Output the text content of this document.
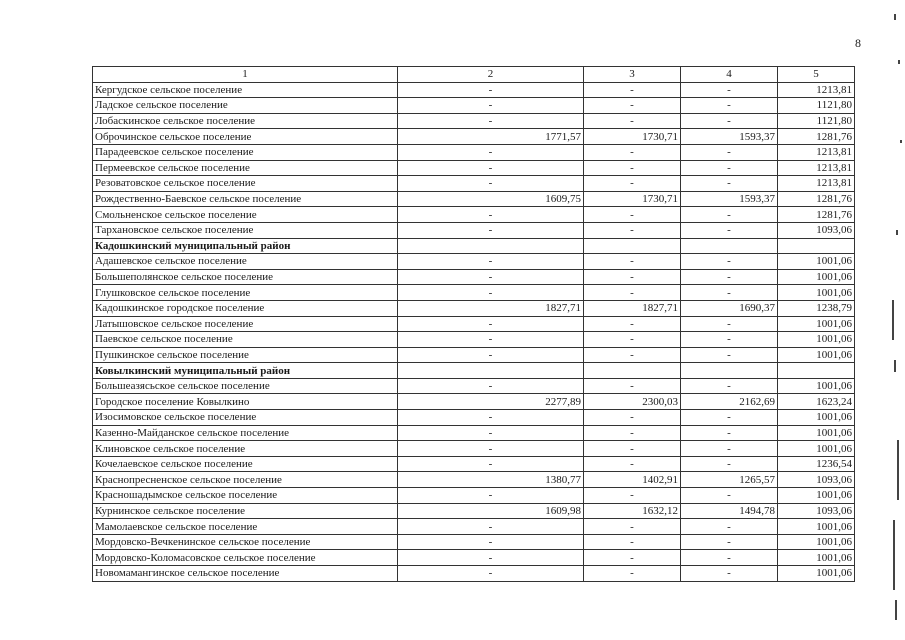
8
1	2	3	4	5
Кергудское сельское поселение	-	-	-	1213,81
Ладское сельское поселение	-	-	-	1121,80
Лобаскинское сельское поселение	-	-	-	1121,80
Оброчинское сельское поселение	1771,57	1730,71	1593,37	1281,76
Парадеевское сельское поселение	-	-	-	1213,81
Пермеевское сельское поселение	-	-	-	1213,81
Резоватовское сельское поселение	-	-	-	1213,81
Рождественно-Баевское сельское поселение	1609,75	1730,71	1593,37	1281,76
Смольненское сельское поселение	-	-	-	1281,76
Тархановское сельское поселение	-	-	-	1093,06
Кадошкинский муниципальный район				
Адашевское сельское поселение	-	-	-	1001,06
Большеполянское сельское поселение	-	-	-	1001,06
Глушковское сельское поселение	-	-	-	1001,06
Кадошкинское городское поселение	1827,71	1827,71	1690,37	1238,79
Латышовское сельское поселение	-	-	-	1001,06
Паевское сельское поселение	-	-	-	1001,06
Пушкинское сельское поселение	-	-	-	1001,06
Ковылкинский муниципальный район				
Большеазясьское сельское поселение	-	-	-	1001,06
Городское поселение Ковылкино	2277,89	2300,03	2162,69	1623,24
Изосимовское сельское поселение	-	-	-	1001,06
Казенно-Майданское сельское поселение	-	-	-	1001,06
Клиновское сельское поселение	-	-	-	1001,06
Кочелаевское сельское поселение	-	-	-	1236,54
Краснопресненское сельское поселение	1380,77	1402,91	1265,57	1093,06
Красношадымское сельское поселение	-	-	-	1001,06
Курнинское сельское поселение	1609,98	1632,12	1494,78	1093,06
Мамолаевское сельское поселение	-	-	-	1001,06
Мордовско-Вечкенинское сельское поселение	-	-	-	1001,06
Мордовско-Коломасовское сельское поселение	-	-	-	1001,06
Новомамангинское сельское поселение	-	-	-	1001,06
